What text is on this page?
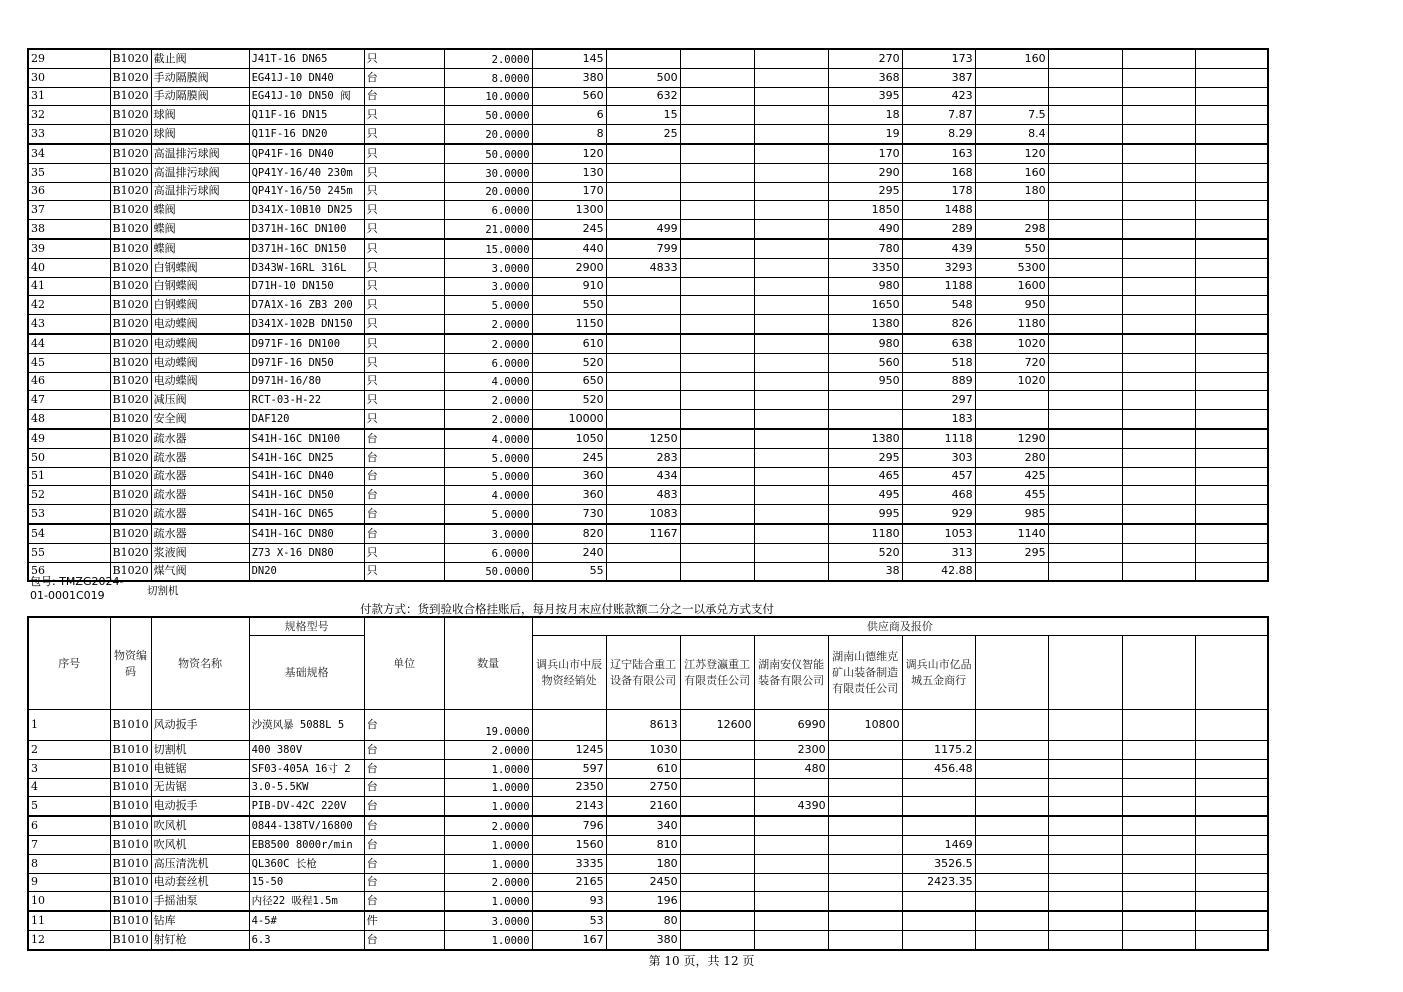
29	B1020	截止阀	J41T-16 DN65	只	2.0000	145				270	173	160			
30	B1020	手动隔膜阀	EG41J-10 DN40	台	8.0000	380	500			368	387				
31	B1020	手动隔膜阀	EG41J-10 DN50 阀	台	10.0000	560	632			395	423				
32	B1020	球阀	Q11F-16 DN15	只	50.0000	6	15			18	7.87	7.5			
33	B1020	球阀	Q11F-16 DN20	只	20.0000	8	25			19	8.29	8.4			
34	B1020	高温排污球阀	QP41F-16 DN40	只	50.0000	120				170	163	120			
35	B1020	高温排污球阀	QP41Y-16/40 230m	只	30.0000	130				290	168	160			
36	B1020	高温排污球阀	QP41Y-16/50 245m	只	20.0000	170				295	178	180			
37	B1020	蝶阀	D341X-10B10 DN25	只	6.0000	1300				1850	1488				
38	B1020	蝶阀	D371H-16C DN100	只	21.0000	245	499			490	289	298			
39	B1020	蝶阀	D371H-16C DN150	只	15.0000	440	799			780	439	550			
40	B1020	白钢蝶阀	D343W-16RL 316L	只	3.0000	2900	4833			3350	3293	5300			
41	B1020	白钢蝶阀	D71H-10 DN150	只	3.0000	910				980	1188	1600			
42	B1020	白钢蝶阀	D7A1X-16 ZB3 200	只	5.0000	550				1650	548	950			
43	B1020	电动蝶阀	D341X-102B DN150	只	2.0000	1150				1380	826	1180			
44	B1020	电动蝶阀	D971F-16 DN100	只	2.0000	610				980	638	1020			
45	B1020	电动蝶阀	D971F-16 DN50	只	6.0000	520				560	518	720			
46	B1020	电动蝶阀	D971H-16/80	只	4.0000	650				950	889	1020			
47	B1020	减压阀	RCT-03-H-22	只	2.0000	520					297				
48	B1020	安全阀	DAF120	只	2.0000	10000					183				
49	B1020	疏水器	S41H-16C DN100	台	4.0000	1050	1250			1380	1118	1290			
50	B1020	疏水器	S41H-16C DN25	台	5.0000	245	283			295	303	280			
51	B1020	疏水器	S41H-16C DN40	台	5.0000	360	434			465	457	425			
52	B1020	疏水器	S41H-16C DN50	台	4.0000	360	483			495	468	455			
53	B1020	疏水器	S41H-16C DN65	台	5.0000	730	1083			995	929	985			
54	B1020	疏水器	S41H-16C DN80	台	3.0000	820	1167			1180	1053	1140			
55	B1020	浆液阀	Z73 X-16 DN80	只	6.0000	240				520	313	295			
56	B1020	煤气阀	DN20	只	50.0000	55				38	42.88				
包号: TMZG2024-01-0001C019	切割机
付款方式：货到验收合格挂账后，每月按月末应付账款额二分之一以承兑方式支付
序号	物资编码	物资名称	规格型号	单位	数量	供应商及报价									
			基础规格			调兵山市中辰物资经销处	辽宁陆合重工设备有限公司	江苏登瀛重工有限责任公司	湖南安仪智能装备有限公司	湖南山德维克矿山装备制造有限责任公司	调兵山市亿品城五金商行				
1	B1010	风动扳手	沙漠风暴 5088L 5	台	19.0000		8613	12600	6990	10800					
2	B1010	切割机	400 380V	台	2.0000	1245	1030		2300		1175.2				
3	B1010	电链锯	SF03-405A 16寸 2	台	1.0000	597	610		480		456.48				
4	B1010	无齿锯	3.0-5.5KW	台	1.0000	2350	2750								
5	B1010	电动扳手	PIB-DV-42C 220V	台	1.0000	2143	2160		4390						
6	B1010	吹风机	0844-138TV/16800	台	2.0000	796	340								
7	B1010	吹风机	EB8500 8000r/min	台	1.0000	1560	810				1469				
8	B1010	高压清洗机	QL360C 长枪	台	1.0000	3335	180				3526.5				
9	B1010	电动套丝机	15-50	台	2.0000	2165	2450				2423.35				
10	B1010	手摇油泵	内径22 吸程1.5m	台	1.0000	93	196								
11	B1010	钻库	4-5#	件	3.0000	53	80								
12	B1010	射钉枪	6.3	台	1.0000	167	380								
第 10 页，共 12 页
